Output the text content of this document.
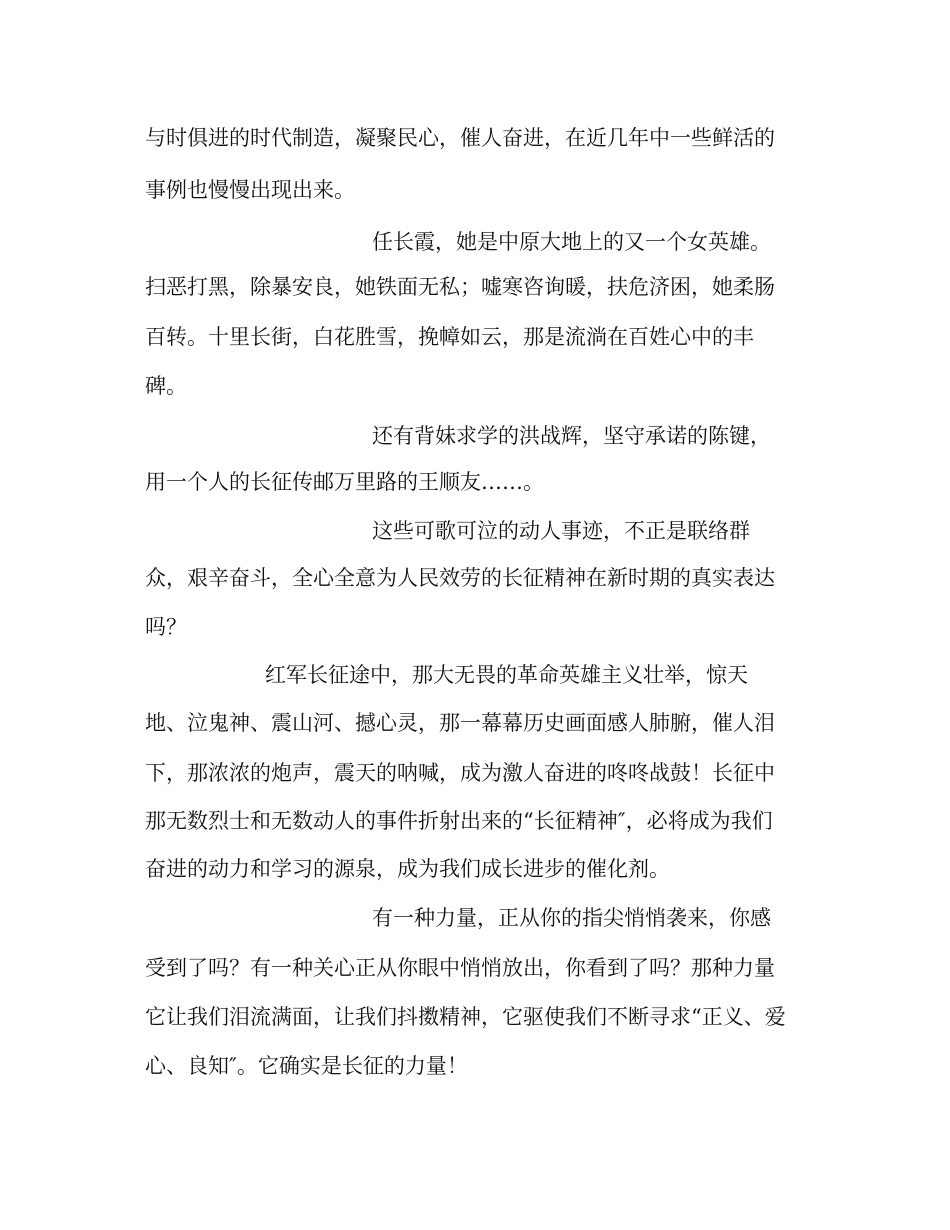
与时俱进的时代制造，凝聚民心，催人奋进，在近几年中一些鲜活的
事例也慢慢出现出来。
任长霞，她是中原大地上的又一个女英雄。
扫恶打黑，除暴安良，她铁面无私；嘘寒咨询暖，扶危济困，她柔肠
百转。十里长街，白花胜雪，挽幛如云，那是流淌在百姓心中的丰
碑。
还有背妹求学的洪战辉，坚守承诺的陈键，
用一个人的长征传邮万里路的王顺友……。
这些可歌可泣的动人事迹，不正是联络群
众，艰辛奋斗，全心全意为人民效劳的长征精神在新时期的真实表达
吗？
红军长征途中，那大无畏的革命英雄主义壮举，惊天
地、泣鬼神、震山河、撼心灵，那一幕幕历史画面感人肺腑，催人泪
下，那浓浓的炮声，震天的呐喊，成为激人奋进的咚咚战鼓！长征中
那无数烈士和无数动人的事件折射出来的“长征精神″，必将成为我们
奋进的动力和学习的源泉，成为我们成长进步的催化剂。
有一种力量，正从你的指尖悄悄袭来，你感
受到了吗？有一种关心正从你眼中悄悄放出，你看到了吗？那种力量
它让我们泪流满面，让我们抖擞精神，它驱使我们不断寻求“正义、爱
心、良知″。它确实是长征的力量！
